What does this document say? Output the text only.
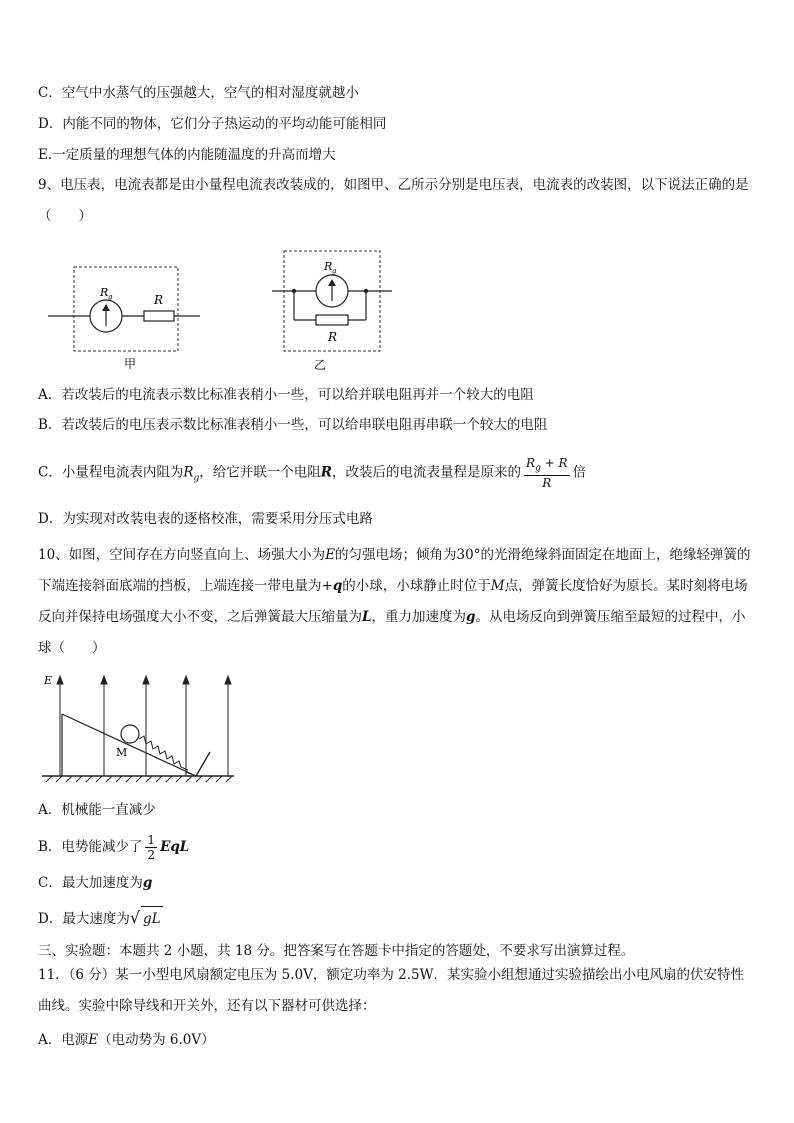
C．空气中水蒸气的压强越大，空气的相对湿度就越小
D．内能不同的物体，它们分子热运动的平均动能可能相同
E.一定质量的理想气体的内能随温度的升高而增大
9、电压表，电流表都是由小量程电流表改装成的，如图甲、乙所示分别是电压表，电流表的改装图，以下说法正确的是（　　）
R g	R
甲
R g
R
乙
A．若改装后的电流表示数比标准表稍小一些，可以给并联电阻再并一个较大的电阻
B．若改装后的电压表示数比标准表稍小一些，可以给串联电阻再串联一个较大的电阻
C．小量程电流表内阻为$R_g$，给它并联一个电阻R，改装后的电流表量程是原来的 $\frac{R_g + R}{R}$ 倍
D．为实现对改装电表的逐格校准，需要采用分压式电路
10、如图，空间存在方向竖直向上、场强大小为E的匀强电场；倾角为30°的光滑绝缘斜面固定在地面上，绝缘轻弹簧的下端连接斜面底端的挡板，上端连接一带电量为+q的小球，小球静止时位于M点，弹簧长度恰好为原长。某时刻将电场反向并保持电场强度大小不变，之后弹簧最大压缩量为L，重力加速度为g。从电场反向到弹簧压缩至最短的过程中，小球（　　）
E
M
A．机械能一直减少
B．电势能减少了 $\frac{1}{2}$ EqL
C．最大加速度为g
D．最大速度为√ gL
三、实验题：本题共 2 小题，共 18 分。把答案写在答题卡中指定的答题处，不要求写出演算过程。
11．（6 分）某一小型电风扇额定电压为 5.0V，额定功率为 2.5W．某实验小组想通过实验描绘出小电风扇的伏安特性曲线。实验中除导线和开关外，还有以下器材可供选择：
A．电源E（电动势为 6.0V）
